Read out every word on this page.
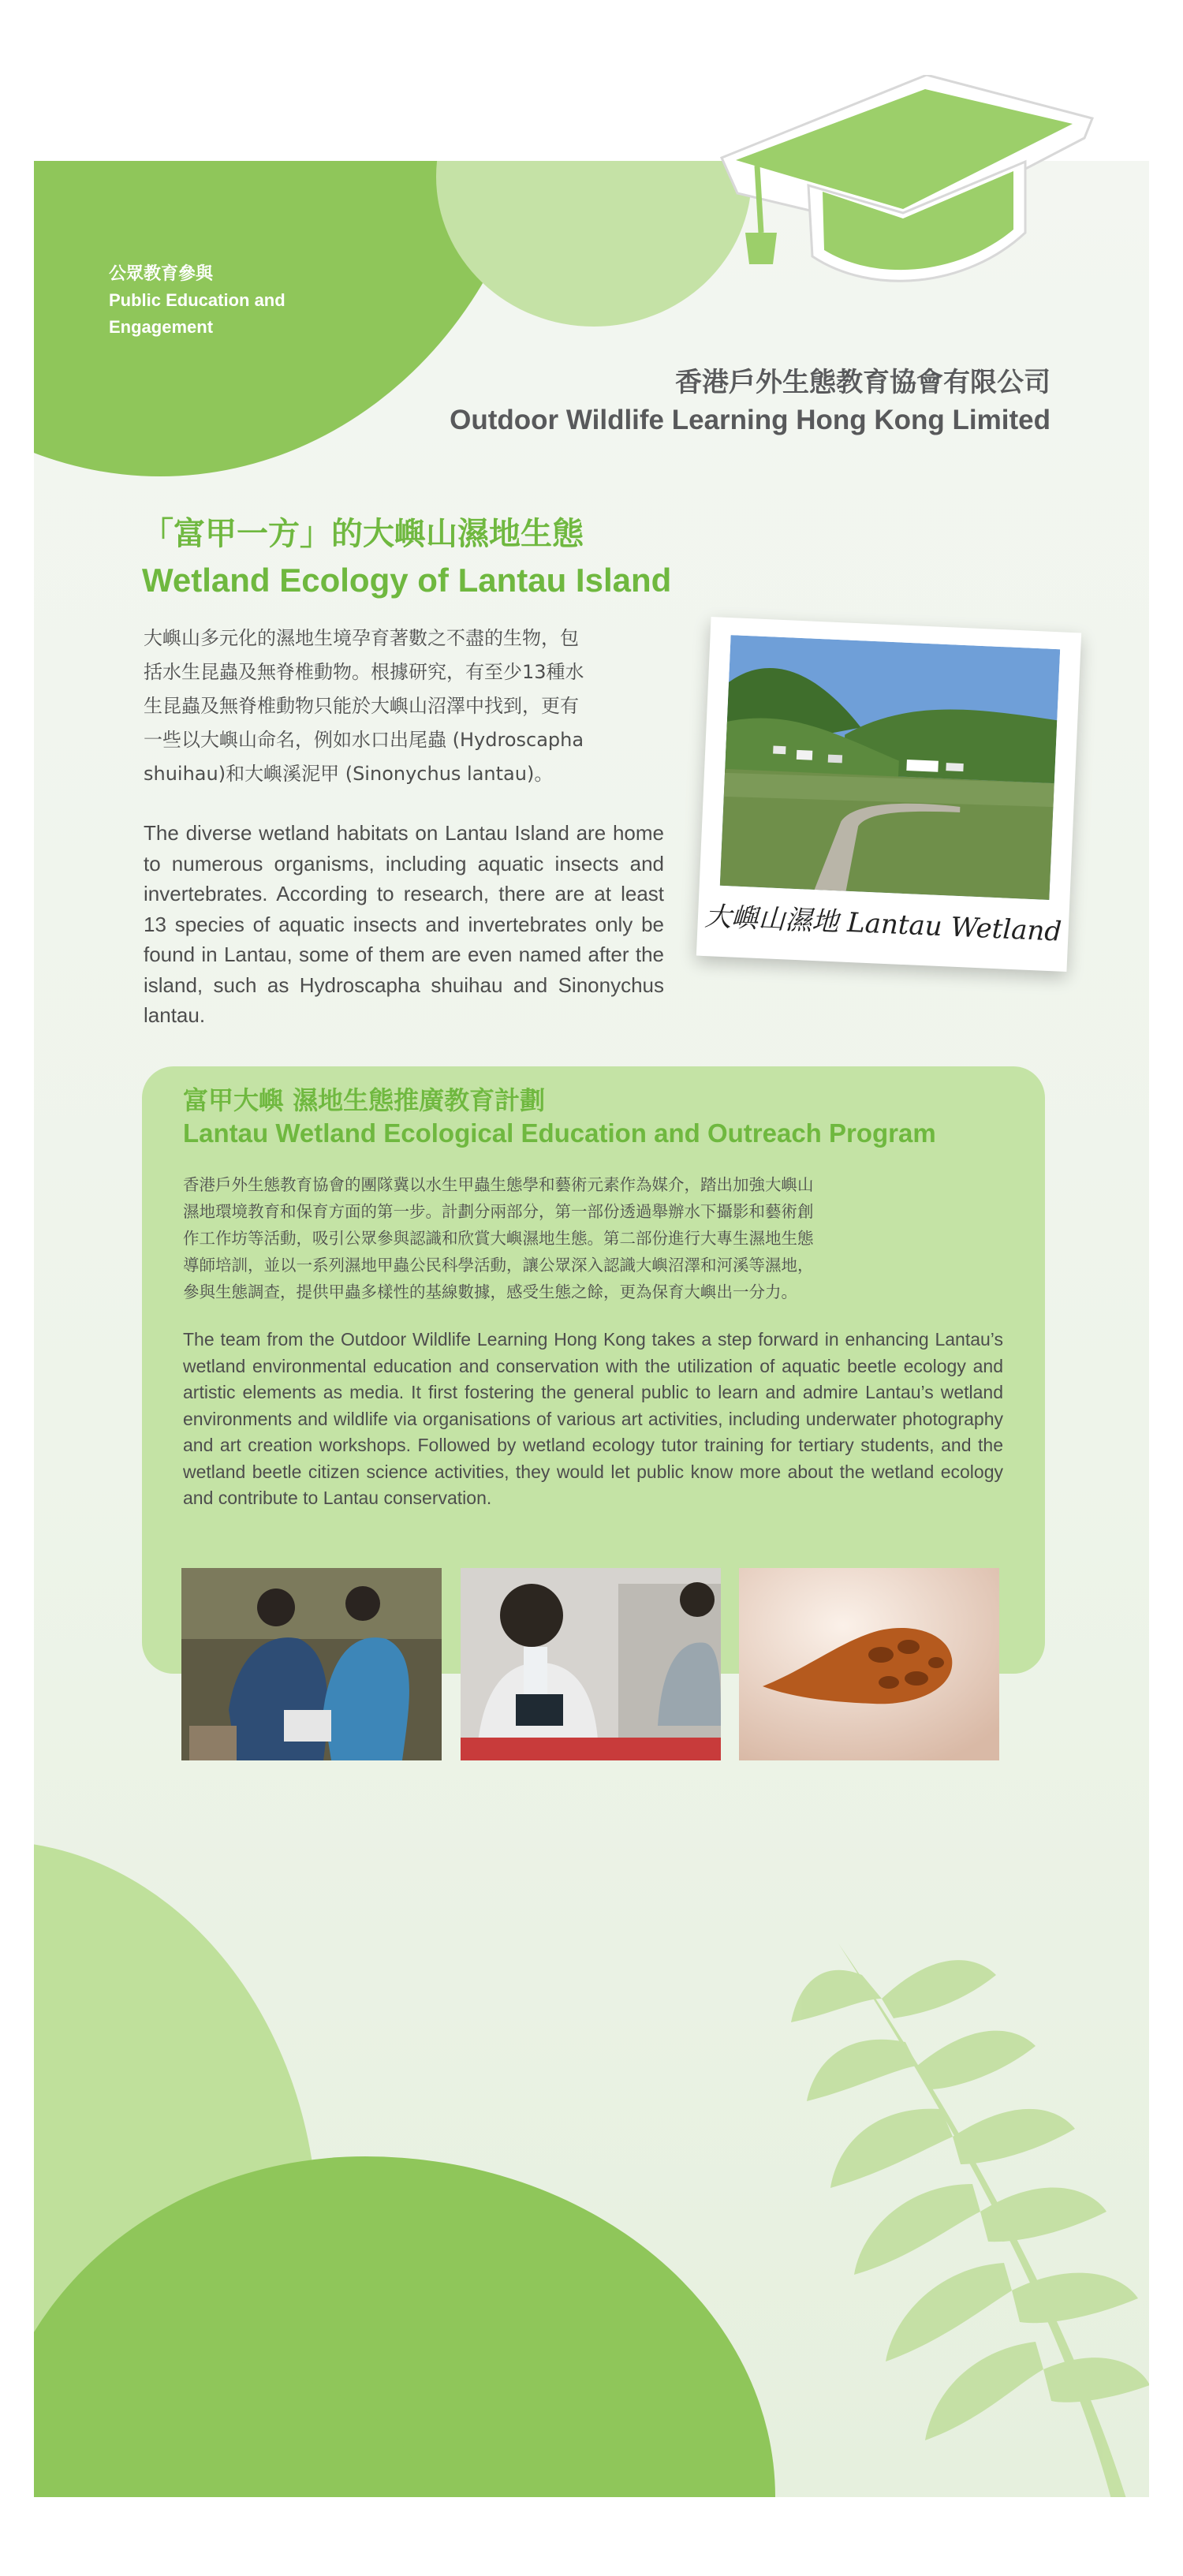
公眾教育參與
Public Education and
Engagement
香港戶外生態教育協會有限公司
Outdoor Wildlife Learning Hong Kong Limited
「富甲一方」的大嶼山濕地生態
Wetland Ecology of Lantau Island
大嶼山多元化的濕地生境孕育著數之不盡的生物，包
括水生昆蟲及無脊椎動物。根據研究，有至少13種水
生昆蟲及無脊椎動物只能於大嶼山沼澤中找到，更有
一些以大嶼山命名，例如水口出尾蟲 (Hydroscapha
shuihau)和大嶼溪泥甲 (Sinonychus lantau)。

The diverse wetland habitats on Lantau Island are home to numerous organisms, including aquatic insects and invertebrates. According to research, there are at least 13 species of aquatic insects and invertebrates only be found in Lantau, some of them are even named after the island, such as Hydroscapha shuihau and Sinonychus lantau.

大嶼山濕地 Lantau Wetland
富甲大嶼 濕地生態推廣教育計劃
Lantau Wetland Ecological Education and Outreach Program
香港戶外生態教育協會的團隊冀以水生甲蟲生態學和藝術元素作為媒介，踏出加強大嶼山
濕地環境教育和保育方面的第一步。計劃分兩部分，第一部份透過舉辦水下攝影和藝術創
作工作坊等活動，吸引公眾參與認識和欣賞大嶼濕地生態。第二部份進行大專生濕地生態
導師培訓，並以一系列濕地甲蟲公民科學活動，讓公眾深入認識大嶼沼澤和河溪等濕地，
參與生態調查，提供甲蟲多樣性的基線數據，感受生態之餘，更為保育大嶼出一分力。

The team from the Outdoor Wildlife Learning Hong Kong takes a step forward in enhancing Lantau’s wetland environmental education and conservation with the utilization of aquatic beetle ecology and artistic elements as media. It first fostering the general public to learn and admire Lantau’s wetland environments and wildlife via organisations of various art activities, including underwater photography and art creation workshops. Followed by wetland ecology tutor training for tertiary students, and the wetland beetle citizen science activities, they would let public know more about the wetland ecology and contribute to Lantau conservation.
